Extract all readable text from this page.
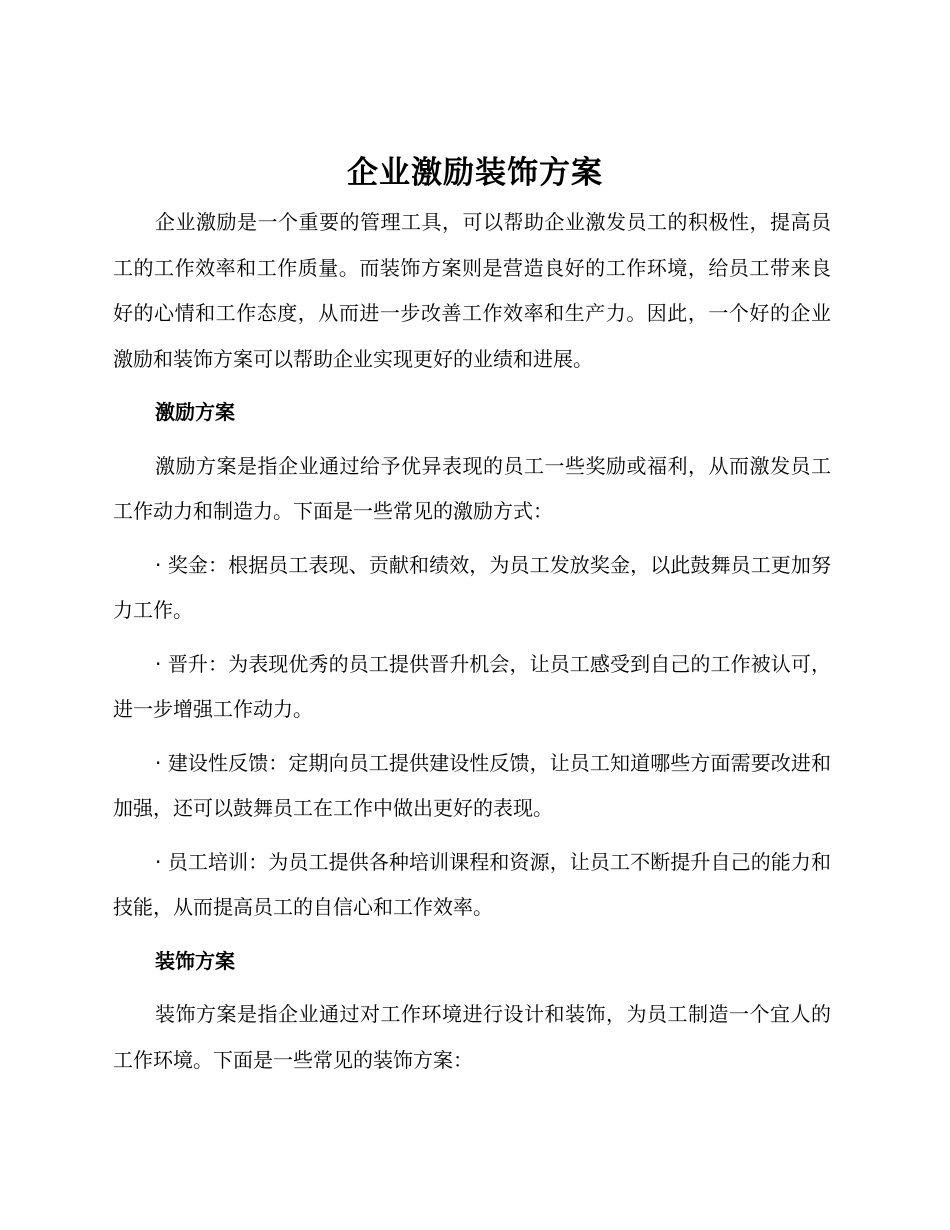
企业激励装饰方案

企业激励是一个重要的管理工具，可以帮助企业激发员工的积极性，提高员工的工作效率和工作质量。而装饰方案则是营造良好的工作环境，给员工带来良好的心情和工作态度，从而进一步改善工作效率和生产力。因此，一个好的企业激励和装饰方案可以帮助企业实现更好的业绩和进展。

激励方案

激励方案是指企业通过给予优异表现的员工一些奖励或福利，从而激发员工工作动力和制造力。下面是一些常见的激励方式：

· 奖金：根据员工表现、贡献和绩效，为员工发放奖金，以此鼓舞员工更加努力工作。

· 晋升：为表现优秀的员工提供晋升机会，让员工感受到自己的工作被认可，进一步增强工作动力。

· 建设性反馈：定期向员工提供建设性反馈，让员工知道哪些方面需要改进和加强，还可以鼓舞员工在工作中做出更好的表现。

· 员工培训：为员工提供各种培训课程和资源，让员工不断提升自己的能力和技能，从而提高员工的自信心和工作效率。

装饰方案

装饰方案是指企业通过对工作环境进行设计和装饰，为员工制造一个宜人的工作环境。下面是一些常见的装饰方案：
